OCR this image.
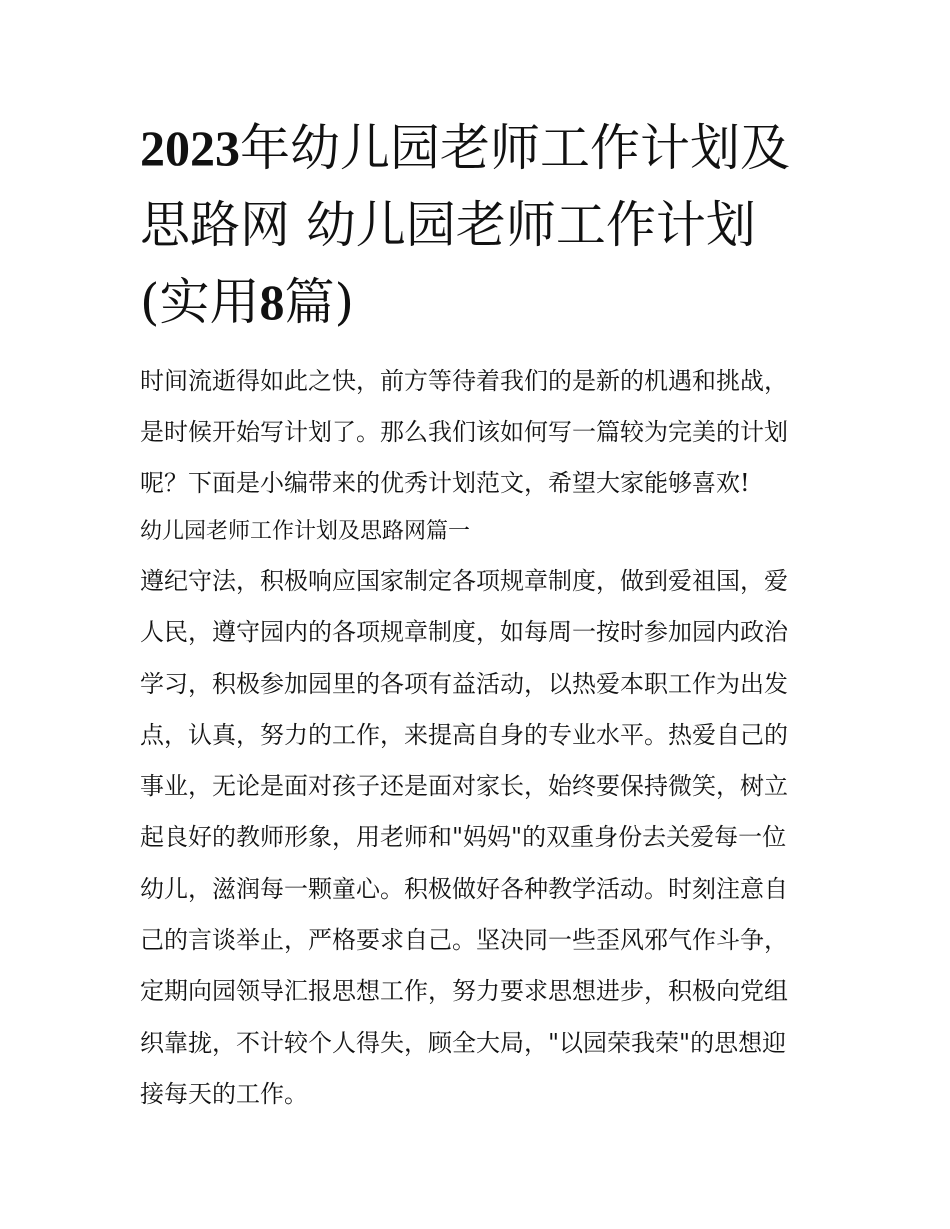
2023年幼儿园老师工作计划及
思路网 幼儿园老师工作计划
(实用8篇)
时间流逝得如此之快，前方等待着我们的是新的机遇和挑战，
是时候开始写计划了。那么我们该如何写一篇较为完美的计划
呢？下面是小编带来的优秀计划范文，希望大家能够喜欢!
幼儿园老师工作计划及思路网篇一
遵纪守法，积极响应国家制定各项规章制度，做到爱祖国，爱
人民，遵守园内的各项规章制度，如每周一按时参加园内政治
学习，积极参加园里的各项有益活动，以热爱本职工作为出发
点，认真，努力的工作，来提高自身的专业水平。热爱自己的
事业，无论是面对孩子还是面对家长，始终要保持微笑，树立
起良好的教师形象，用老师和"妈妈"的双重身份去关爱每一位
幼儿，滋润每一颗童心。积极做好各种教学活动。时刻注意自
己的言谈举止，严格要求自己。坚决同一些歪风邪气作斗争，
定期向园领导汇报思想工作，努力要求思想进步，积极向党组
织靠拢，不计较个人得失，顾全大局，"以园荣我荣"的思想迎
接每天的工作。
